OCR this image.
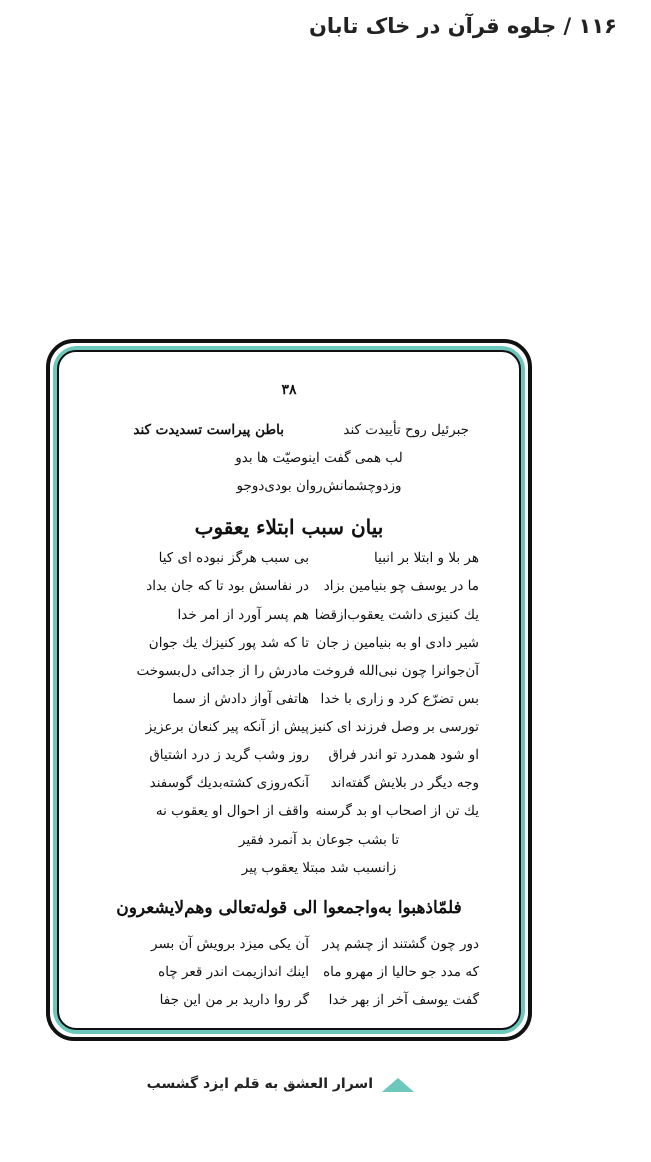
۱۱۶ / جلوه قرآن در خاک تابان
۳۸
جبرئیل روح تأییدت کند
باطن پیراست تسدیدت کند
لب همی گفت اینوصیّت ها بدو
وزدوچشمانش‌روان بودی‌دوجو
بیان سبب ابتلاء یعقوب
هر بلا و ابتلا بر انبیا
بی سبب هرگز نبوده ای کیا
ما در یوسف چو بنیامین بزاد
در نفاسش بود تا که جان بداد
یك کنیزی داشت یعقوب‌ازقضا
هم پسر آورد از امر خدا
شیر دادی او به بنیامین ز جان
تا که شد پور کنیزك یك جوان
آن‌جوانرا چون نبی‌الله فروخت
مادرش را از جدائی دل‌بسوخت
بس تضرّع کرد و زاری با خدا
هاتفی آواز دادش از سما
تورسی بر وصل فرزند ای کنیز
پیش از آنکه پیر کنعان برعزیز
او شود همدرد تو اندر فراق
روز وشب گرید ز درد اشتیاق
وجه دیگر در بلایش گفته‌اند
آنکه‌روزی کشته‌بدیك گوسفند
یك تن از اصحاب او بد گرسنه
واقف از احوال او یعقوب نه
تا بشب جوعان بد آنمرد فقیر
زانسبب شد مبتلا یعقوب پیر
فلمّاذهبوا به‌واجمعوا الی قوله‌تعالی وهم‌لایشعرون
دور چون گشتند از چشم پدر
آن یکی میزد برویش آن بسر
که مدد جو حالیا از مهرو ماه
اینك اندازیمت اندر قعر چاه
گفت یوسف آخر از بهر خدا
گر روا دارید بر من این جفا
اسرار العشق به قلم ایزد گشسب
